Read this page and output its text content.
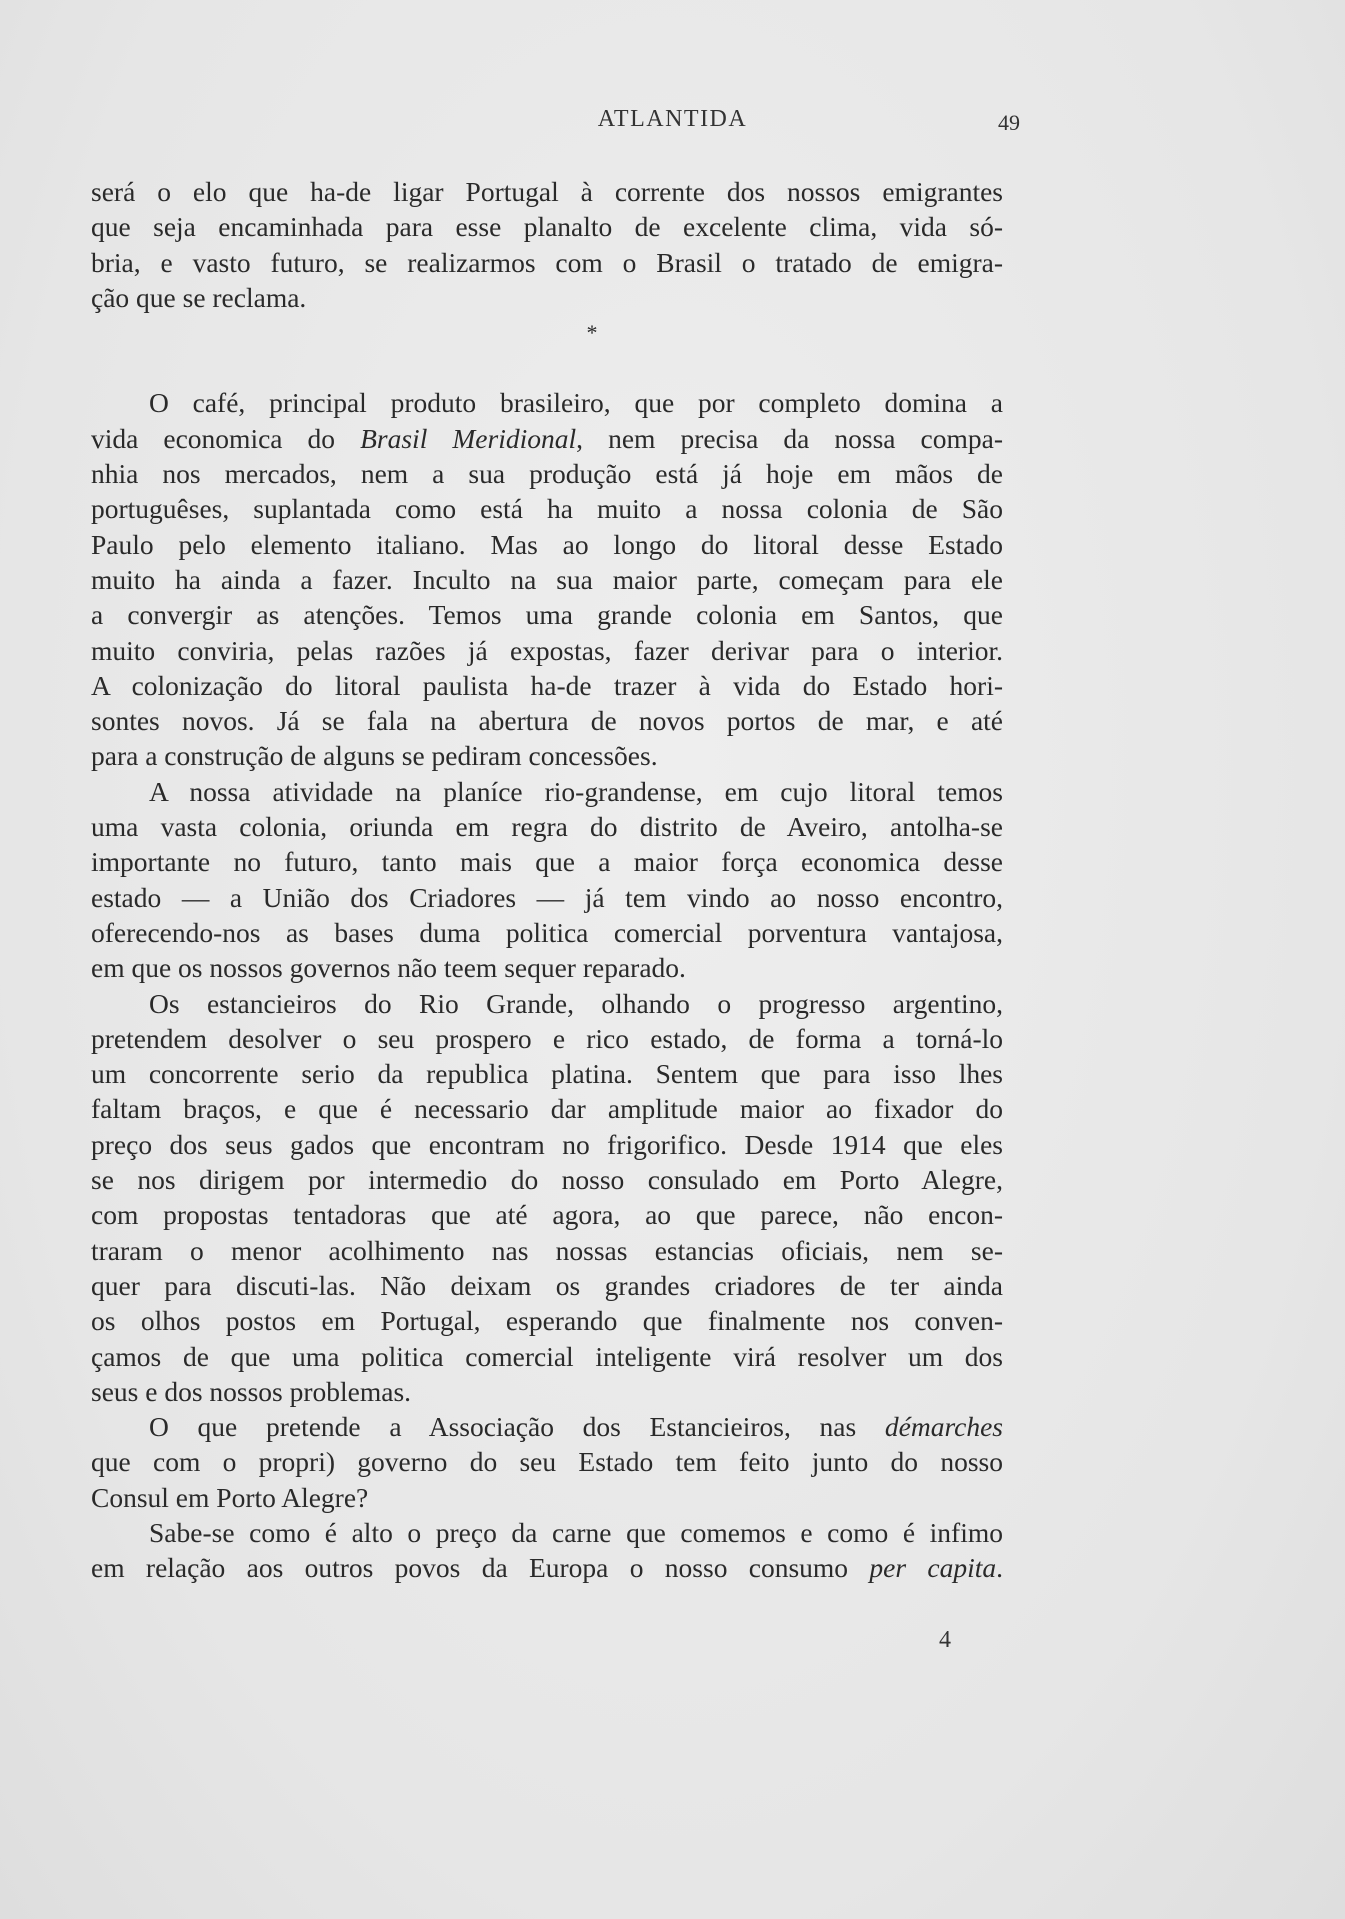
ATLANTIDA	49
será o elo que ha-de ligar Portugal à corrente dos nossos emigrantes
que seja encaminhada para esse planalto de excelente clima, vida só-
bria, e vasto futuro, se realizarmos com o Brasil o tratado de emigra-
ção que se reclama.
*
O café, principal produto brasileiro, que por completo domina a
vida economica do Brasil Meridional, nem precisa da nossa compa-
nhia nos mercados, nem a sua produção está já hoje em mãos de
portuguêses, suplantada como está ha muito a nossa colonia de São
Paulo pelo elemento italiano. Mas ao longo do litoral desse Estado
muito ha ainda a fazer. Inculto na sua maior parte, começam para ele
a convergir as atenções. Temos uma grande colonia em Santos, que
muito conviria, pelas razões já expostas, fazer derivar para o interior.
A colonização do litoral paulista ha-de trazer à vida do Estado hori-
sontes novos. Já se fala na abertura de novos portos de mar, e até
para a construção de alguns se pediram concessões.
A nossa atividade na planíce rio-grandense, em cujo litoral temos
uma vasta colonia, oriunda em regra do distrito de Aveiro, antolha-se
importante no futuro, tanto mais que a maior força economica desse
estado — a União dos Criadores — já tem vindo ao nosso encontro,
oferecendo-nos as bases duma politica comercial porventura vantajosa,
em que os nossos governos não teem sequer reparado.
Os estancieiros do Rio Grande, olhando o progresso argentino,
pretendem desolver o seu prospero e rico estado, de forma a torná-lo
um concorrente serio da republica platina. Sentem que para isso lhes
faltam braços, e que é necessario dar amplitude maior ao fixador do
preço dos seus gados que encontram no frigorifico. Desde 1914 que eles
se nos dirigem por intermedio do nosso consulado em Porto Alegre,
com propostas tentadoras que até agora, ao que parece, não encon-
traram o menor acolhimento nas nossas estancias oficiais, nem se-
quer para discuti-las. Não deixam os grandes criadores de ter ainda
os olhos postos em Portugal, esperando que finalmente nos conven-
çamos de que uma politica comercial inteligente virá resolver um dos
seus e dos nossos problemas.
O que pretende a Associação dos Estancieiros, nas démarches
que com o propri) governo do seu Estado tem feito junto do nosso
Consul em Porto Alegre?
Sabe-se como é alto o preço da carne que comemos e como é infimo
em relação aos outros povos da Europa o nosso consumo per capita.
4
